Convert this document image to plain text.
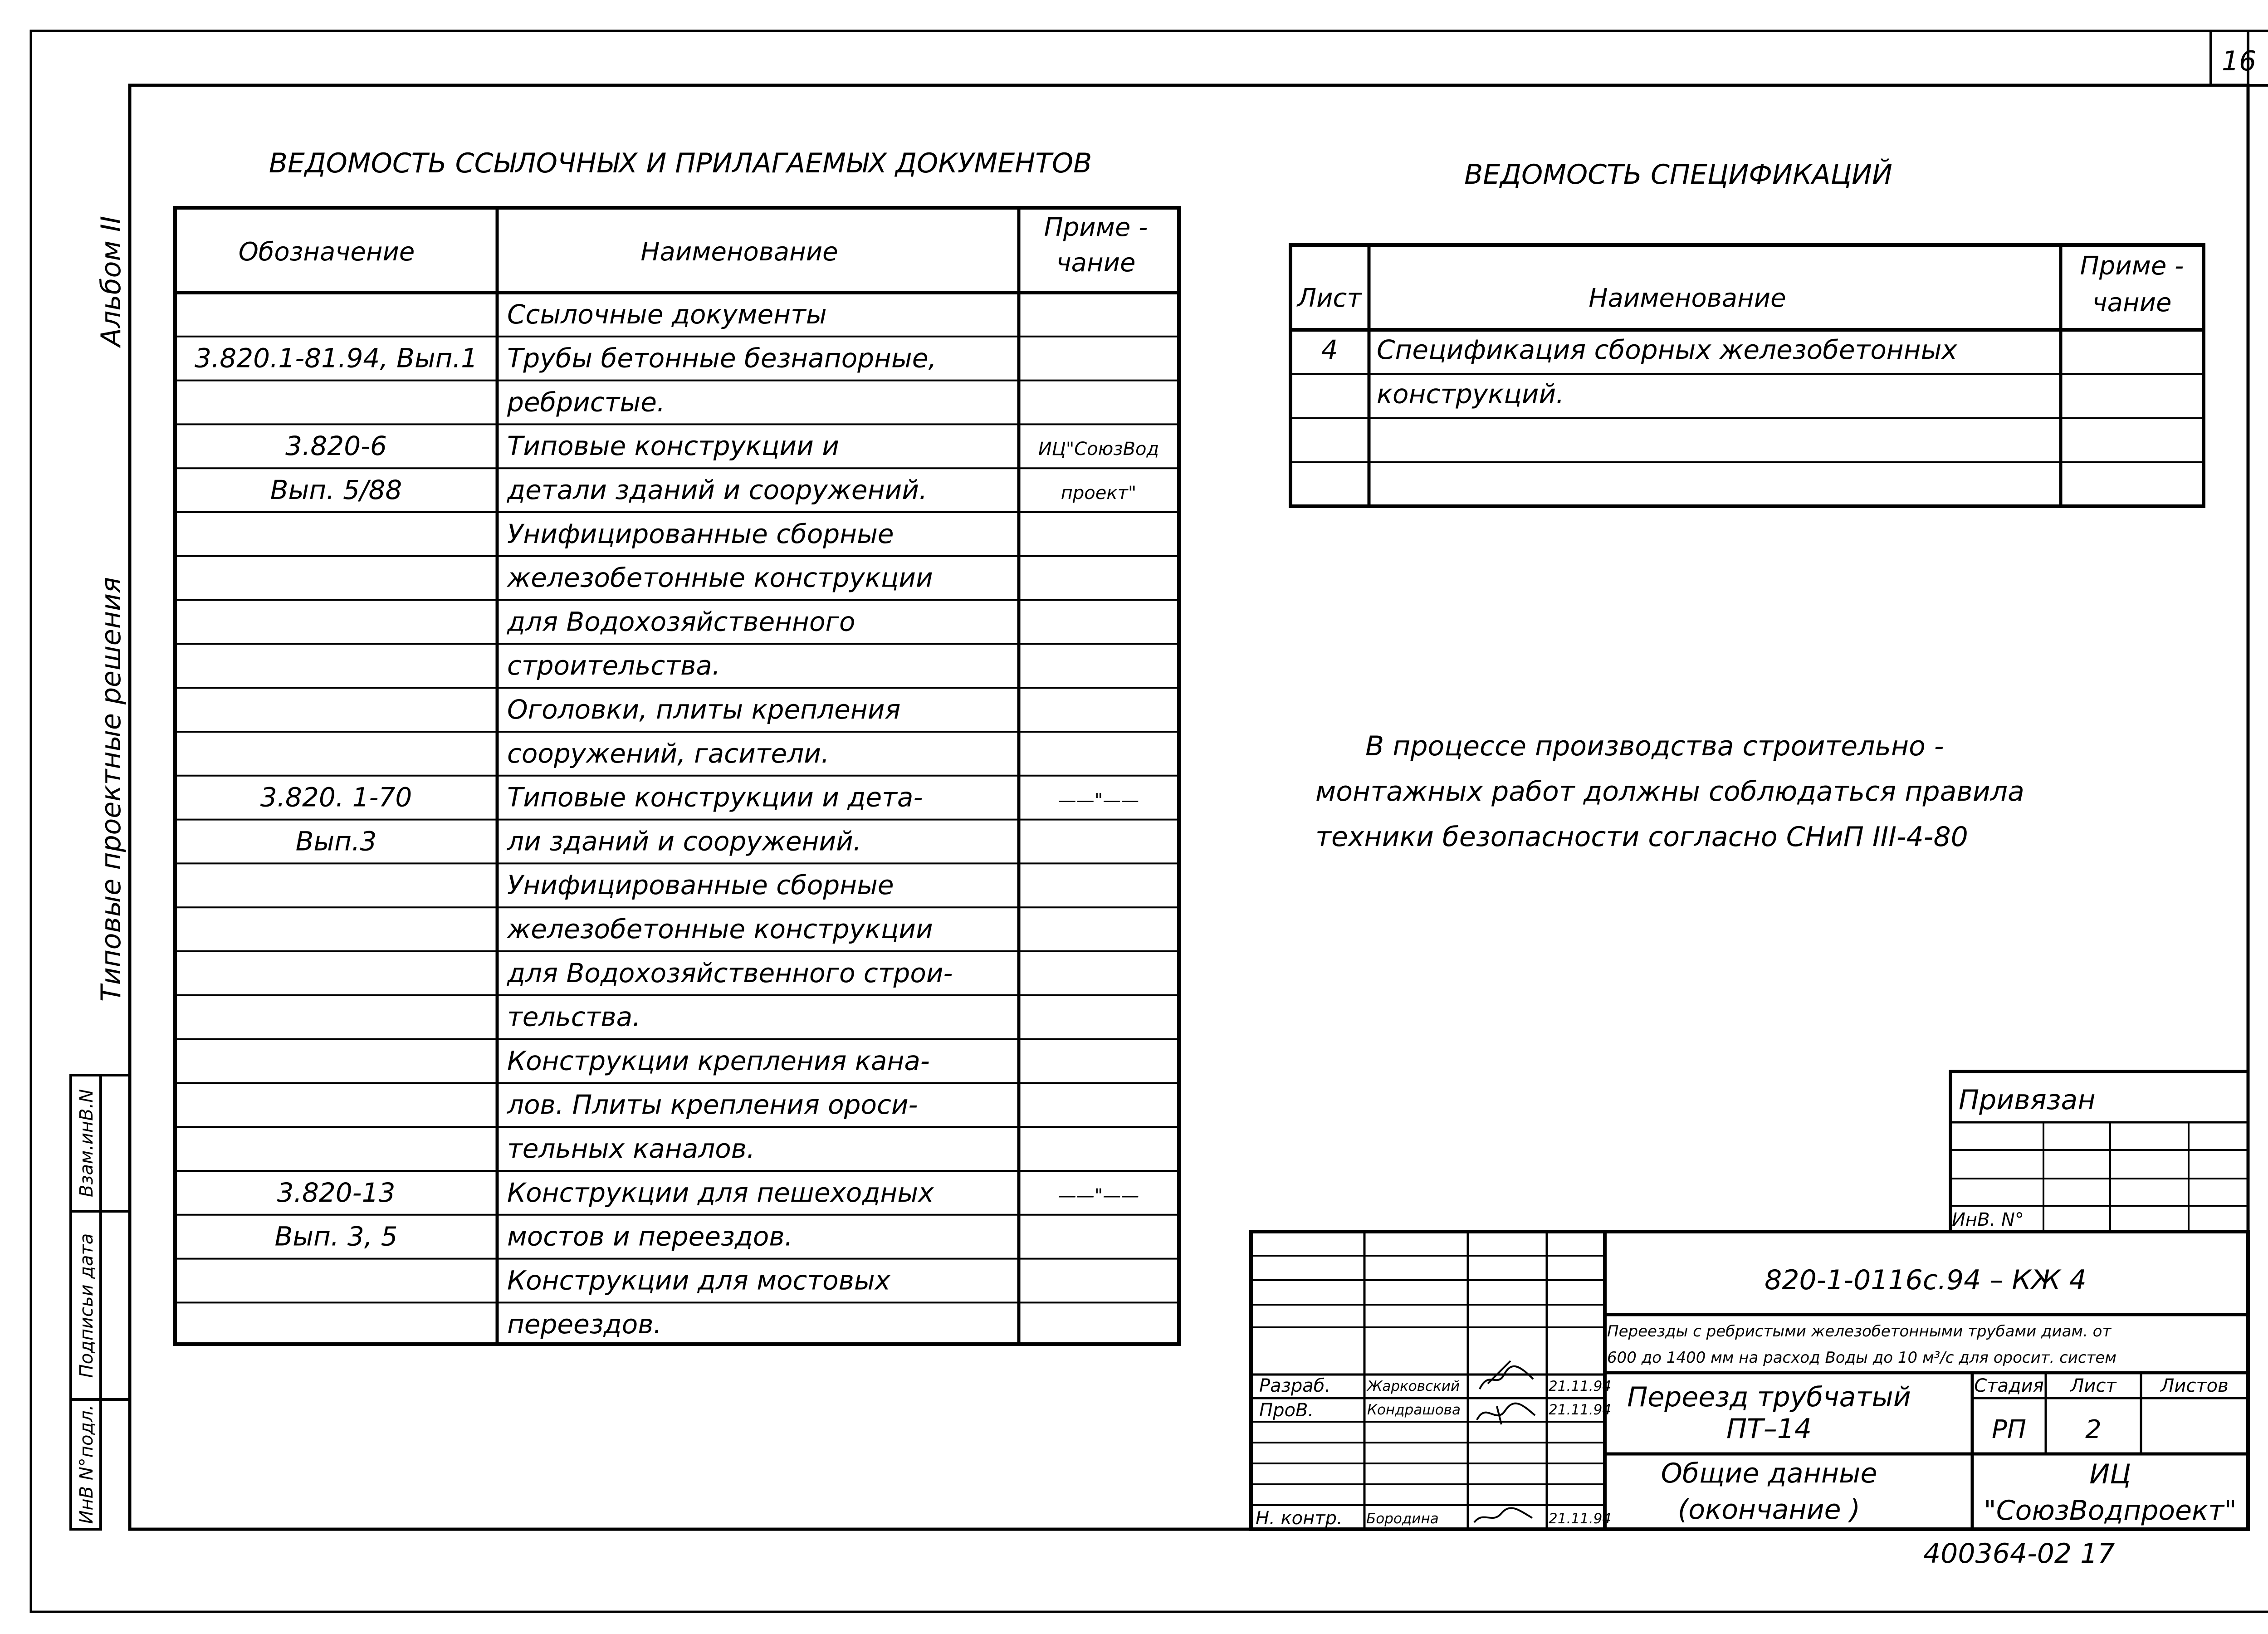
16
Альбом II
Типовые проектные решения
Взам.инВ.N
Подписьи дата
ИнВ N°подл.
ВЕДОМОСТЬ ССЫЛОЧНЫХ И ПРИЛАГАЕМЫХ ДОКУМЕНТОВ
Обозначение	Наименование
Приме -
чание
Ссылочные документы
3.820.1-81.94, Вып.1 Трубы бетонные безнапорные,
ребристые.
3.820-6	Типовые конструкции и	ИЦ"СоюзВод
Вып. 5/88	детали зданий и сооружений.	проект"
Унифицированные сборные
железобетонные конструкции
для Водохозяйственного
строительства.
Оголовки, плиты крепления
сооружений, гасители.
3.820. 1-70	Типовые конструкции и дета-	——"——
Вып.3	ли зданий и сооружений.
Унифицированные сборные
железобетонные конструкции
для Водохозяйственного строи-
тельства.
Конструкции крепления кана-
лов. Плиты крепления ороси-
тельных каналов.
3.820-13	Конструкции для пешеходных	——"——
Вып. 3, 5	мостов и переездов.
Конструкции для мостовых
переездов.
ВЕДОМОСТЬ СПЕЦИФИКАЦИЙ
Лист	Наименование
Приме -
чание
4 Спецификация сборных железобетонных
конструкций.
В процессе производства строительно -
монтажных работ должны соблюдаться правила
техники безопасности согласно СНиП III-4-80
Привязан
ИнВ. N°
820-1-0116с.94 – КЖ 4
Переезды с ребристыми железобетонными трубами диам. от
600 до 1400 мм на расход Воды до 10 м³/с для оросит. систем
Разраб.	Жарковский	21.11.94
ПроВ.	Кондрашова	21.11.94
Н. контр. Бородина	21.11.94
Переезд трубчатый
ПТ–14
Общие данные
(окончание )
Стадия Лист Листов
РП 2
ИЦ
"СоюзВодпроект"
400364-02 17
